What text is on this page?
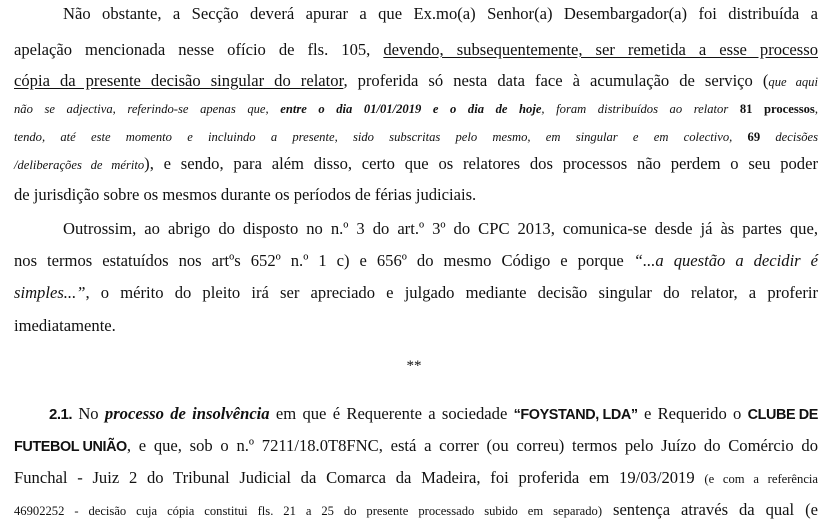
Não obstante, a Secção deverá apurar a que Ex.mo(a) Senhor(a) Desembargador(a) foi distribuída a
apelação mencionada nesse ofício de fls. 105, devendo, subsequentemente, ser remetida a esse processo
cópia da presente decisão singular do relator, proferida só nesta data face à acumulação de serviço (que aqui
não se adjectiva, referindo-se apenas que, entre o dia 01/01/2019 e o dia de hoje, foram distribuídos ao relator 81 processos,
tendo, até este momento e incluindo a presente, sido subscritas pelo mesmo, em singular e em colectivo, 69 decisões
/deliberações de mérito), e sendo, para além disso, certo que os relatores dos processos não perdem o seu poder
de jurisdição sobre os mesmos durante os períodos de férias judiciais.
Outrossim, ao abrigo do disposto no n.º 3 do art.º 3º do CPC 2013, comunica-se desde já às partes que,
nos termos estatuídos nos artºs 652º n.º 1 c) e 656º do mesmo Código e porque “...a questão a decidir é
simples...”, o mérito do pleito irá ser apreciado e julgado mediante decisão singular do relator, a proferir
imediatamente.
**
2.1. No processo de insolvência em que é Requerente a sociedade “FOYSTAND, LDA” e Requerido o CLUBE DE
FUTEBOL UNIÃO, e que, sob o n.º 7211/18.0T8FNC, está a correr (ou correu) termos pelo Juízo do Comércio do
Funchal - Juiz 2 do Tribunal Judicial da Comarca da Madeira, foi proferida em 19/03/2019 (e com a referência
46902252 - decisão cuja cópia constitui fls. 21 a 25 do presente processado subido em separado) sentença através da qual (e
